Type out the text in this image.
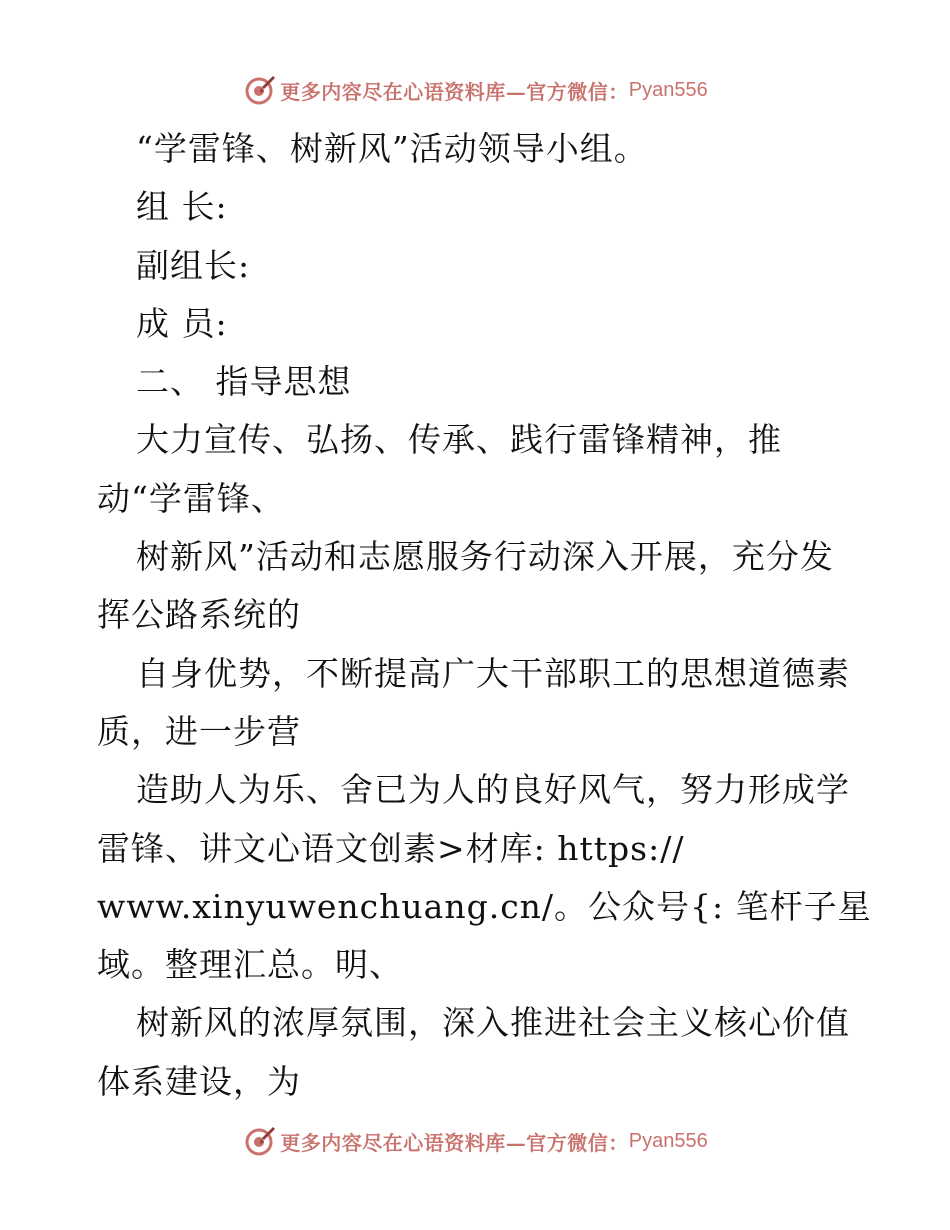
更多内容尽在心语资料库—官方微信： Pyan556
“学雷锋、树新风”活动领导小组。
组 长:
副组长:
成 员:
二、 指导思想
大力宣传、弘扬、传承、践行雷锋精神，推
动“学雷锋、
树新风”活动和志愿服务行动深入开展，充分发
挥公路系统的
自身优势，不断提高广大干部职工的思想道德素
质，进一步营
造助人为乐、舍已为人的良好风气，努力形成学
雷锋、讲文心语文创素>材库: https://
www.xinyuwenchuang.cn/。公众号{: 笔杆子星
域。整理汇总。明、
树新风的浓厚氛围，深入推进社会主义核心价值
体系建设，为
更多内容尽在心语资料库—官方微信： Pyan556
